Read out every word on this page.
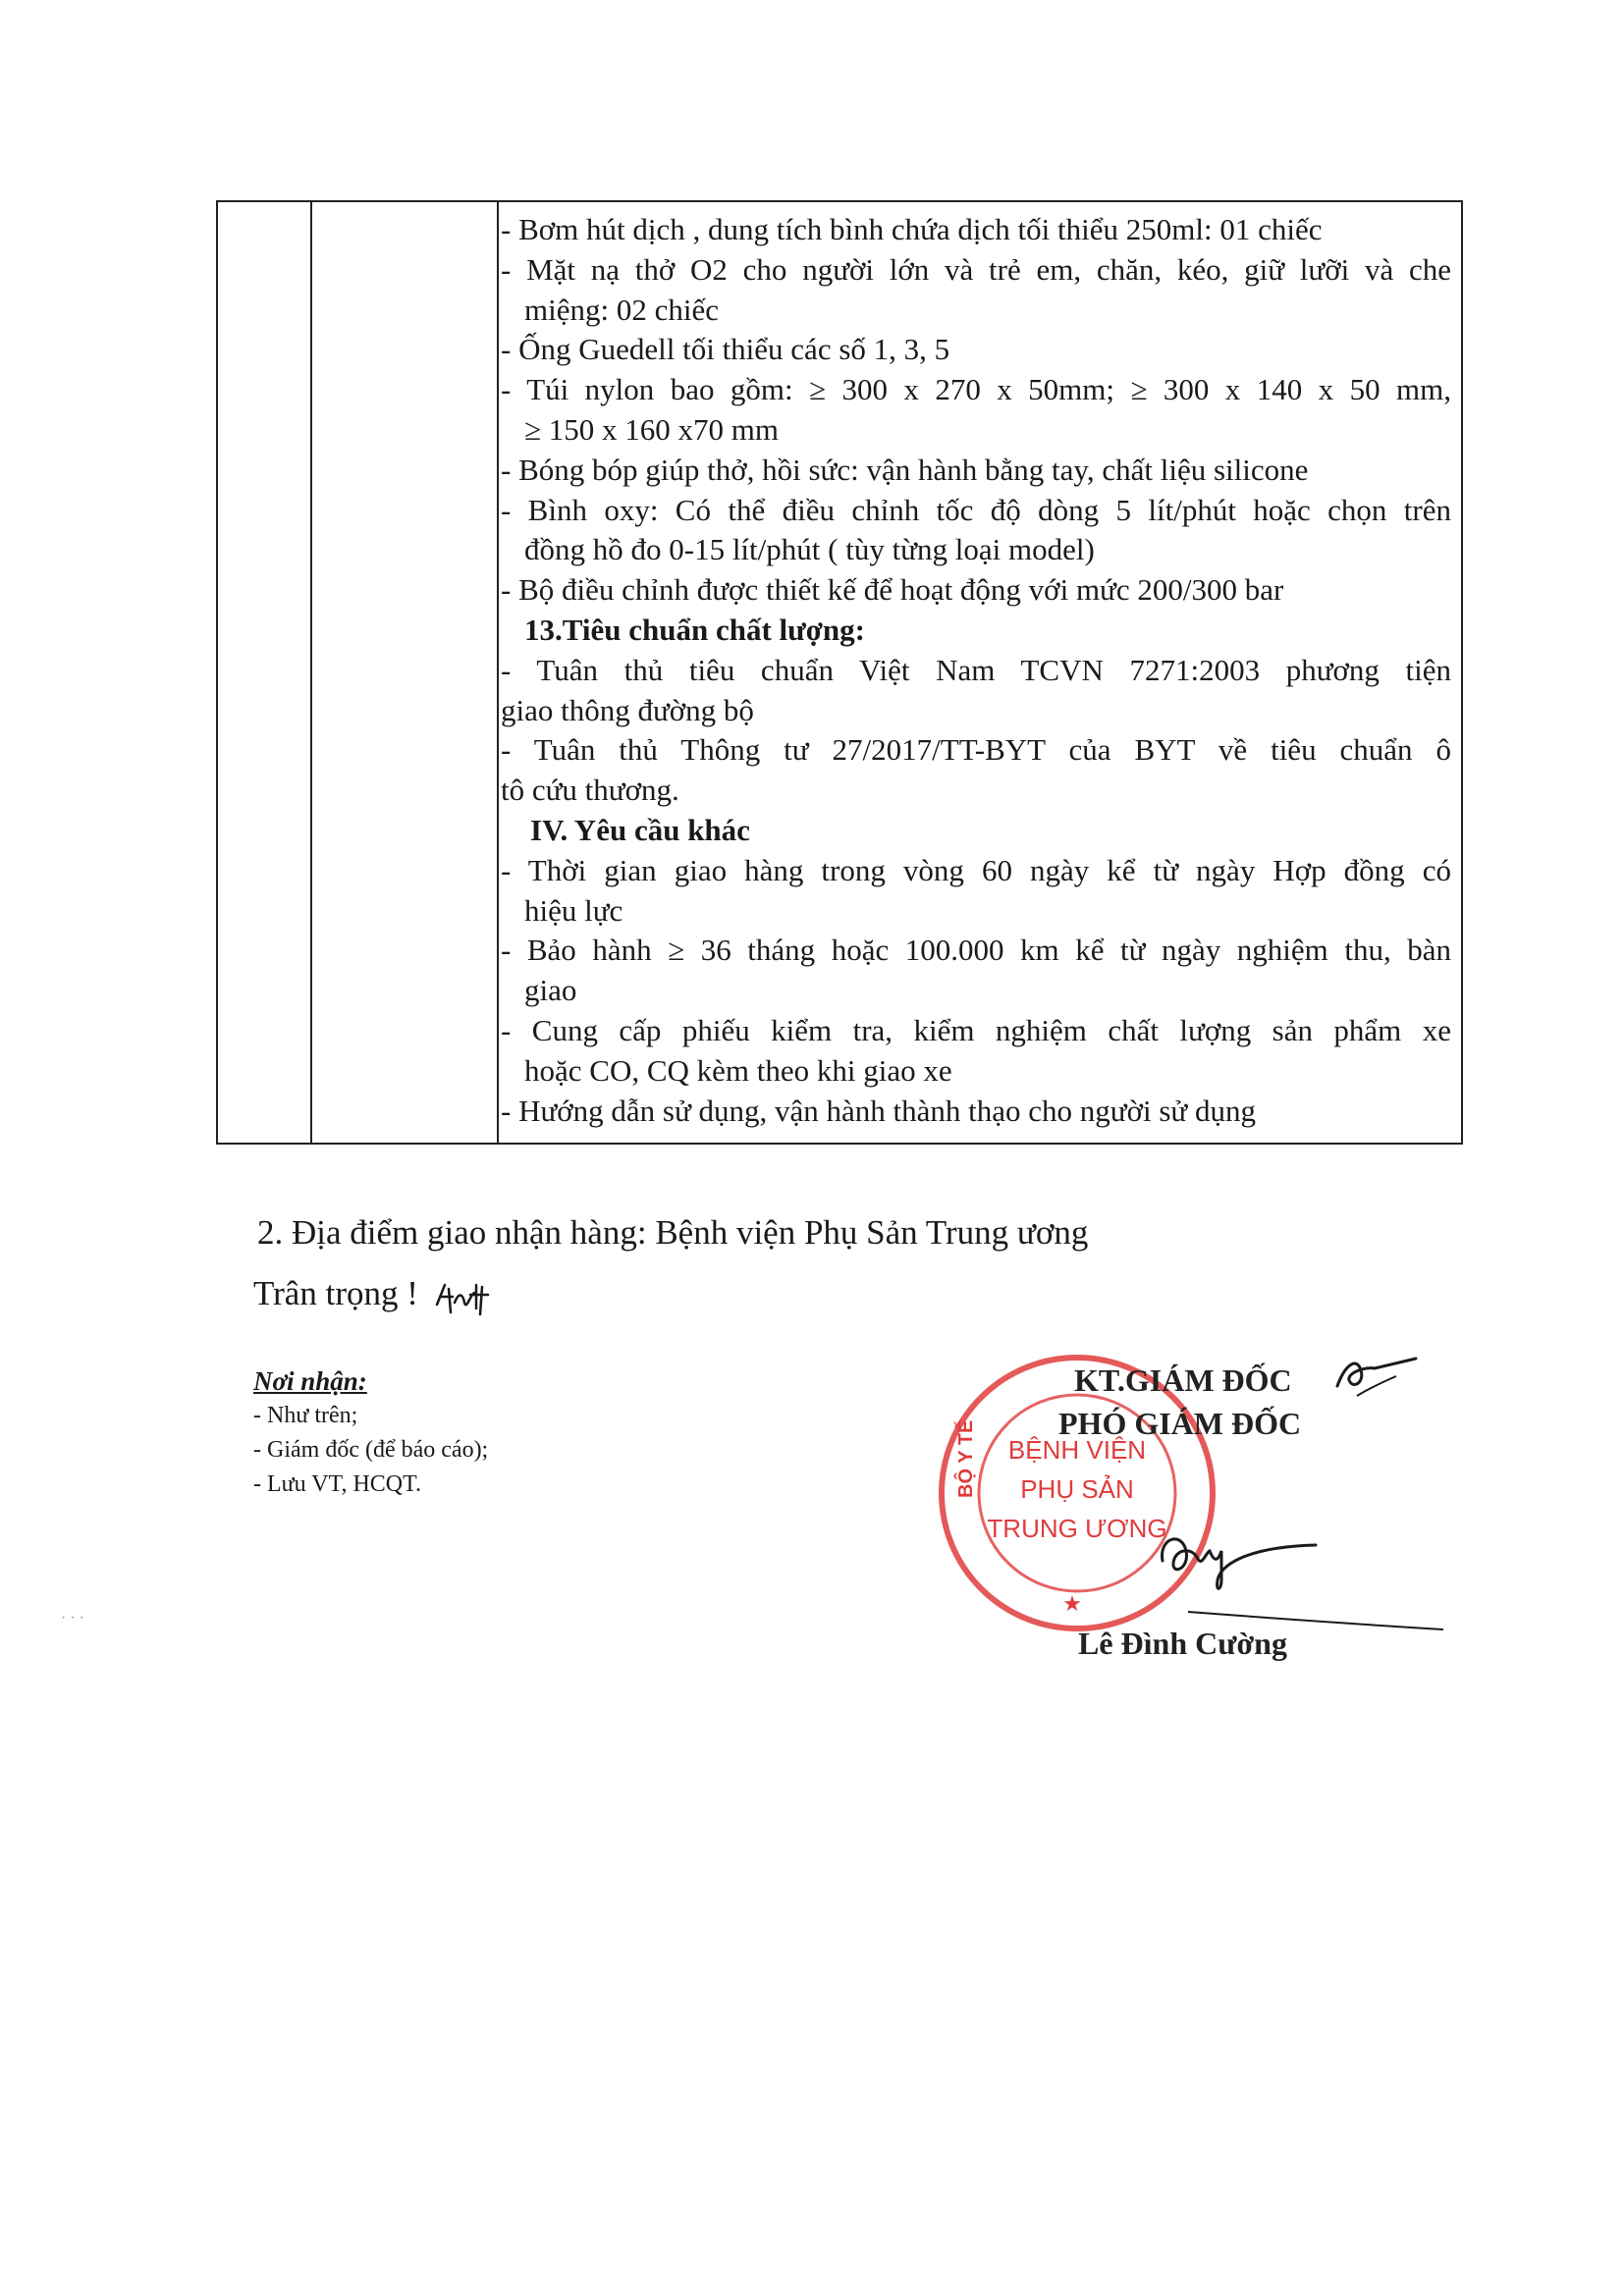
- Bơm hút dịch , dung tích bình chứa dịch tối thiểu 250ml: 01 chiếc
- Mặt nạ thở O2 cho người lớn và trẻ em, chăn, kéo, giữ lưỡi và che
miệng: 02 chiếc
- Ống Guedell tối thiểu các số 1, 3, 5
- Túi nylon bao gồm: ≥ 300 x 270 x 50mm; ≥ 300 x 140 x 50 mm,
≥ 150 x 160 x70 mm
- Bóng bóp giúp thở, hồi sức: vận hành bằng tay, chất liệu silicone
- Bình oxy: Có thể điều chỉnh tốc độ dòng 5 lít/phút hoặc chọn trên
đồng hồ đo 0-15 lít/phút ( tùy từng loại model)
- Bộ điều chỉnh được thiết kế để hoạt động với mức 200/300 bar
13.Tiêu chuẩn chất lượng:
- Tuân thủ tiêu chuẩn Việt Nam TCVN 7271:2003 phương tiện
giao thông đường bộ
- Tuân thủ Thông tư 27/2017/TT-BYT của BYT về tiêu chuẩn ô
tô cứu thương.
IV. Yêu cầu khác
- Thời gian giao hàng trong vòng 60 ngày kể từ ngày Hợp đồng có
hiệu lực
- Bảo hành ≥ 36 tháng hoặc 100.000 km kể từ ngày nghiệm thu, bàn
giao
- Cung cấp phiếu kiểm tra, kiểm nghiệm chất lượng sản phẩm xe
hoặc CO, CQ kèm theo khi giao xe
- Hướng dẫn sử dụng, vận hành thành thạo cho người sử dụng
2. Địa điểm giao nhận hàng: Bệnh viện Phụ Sản Trung ương
Trân trọng !
Nơi nhận:
- Như trên;
- Giám đốc (để báo cáo);
- Lưu VT, HCQT.	BỘ Y TẾ BỆNH VIỆN
PHỤ SẢN
TRUNG ƯƠNG
★
KT.GIÁM ĐỐC
PHÓ GIÁM ĐỐC
Lê Đình Cường
· · ·
